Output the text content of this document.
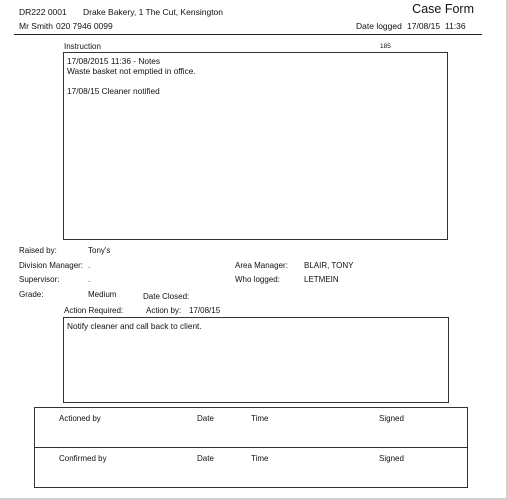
DR222 0001 Drake Bakery, 1 The Cut, Kensington	Case Form
Mr Smith 020 7946 0099	Date logged 17/08/15 11:36
Instruction	185
17/08/2015 11:36 - Notes
Waste basket not emptied in office.

17/08/15 Cleaner notified
Raised by:	Tony's
Division Manager: .	Area Manager: BLAIR, TONY
Supervisor:	.	Who logged:	LETMEIN
Grade:	Medium	Date Closed:
Action Required:	Action by: 17/08/15
Notify cleaner and call back to client.
Actioned by	Date	Time	Signed
Confirmed by	Date	Time	Signed
